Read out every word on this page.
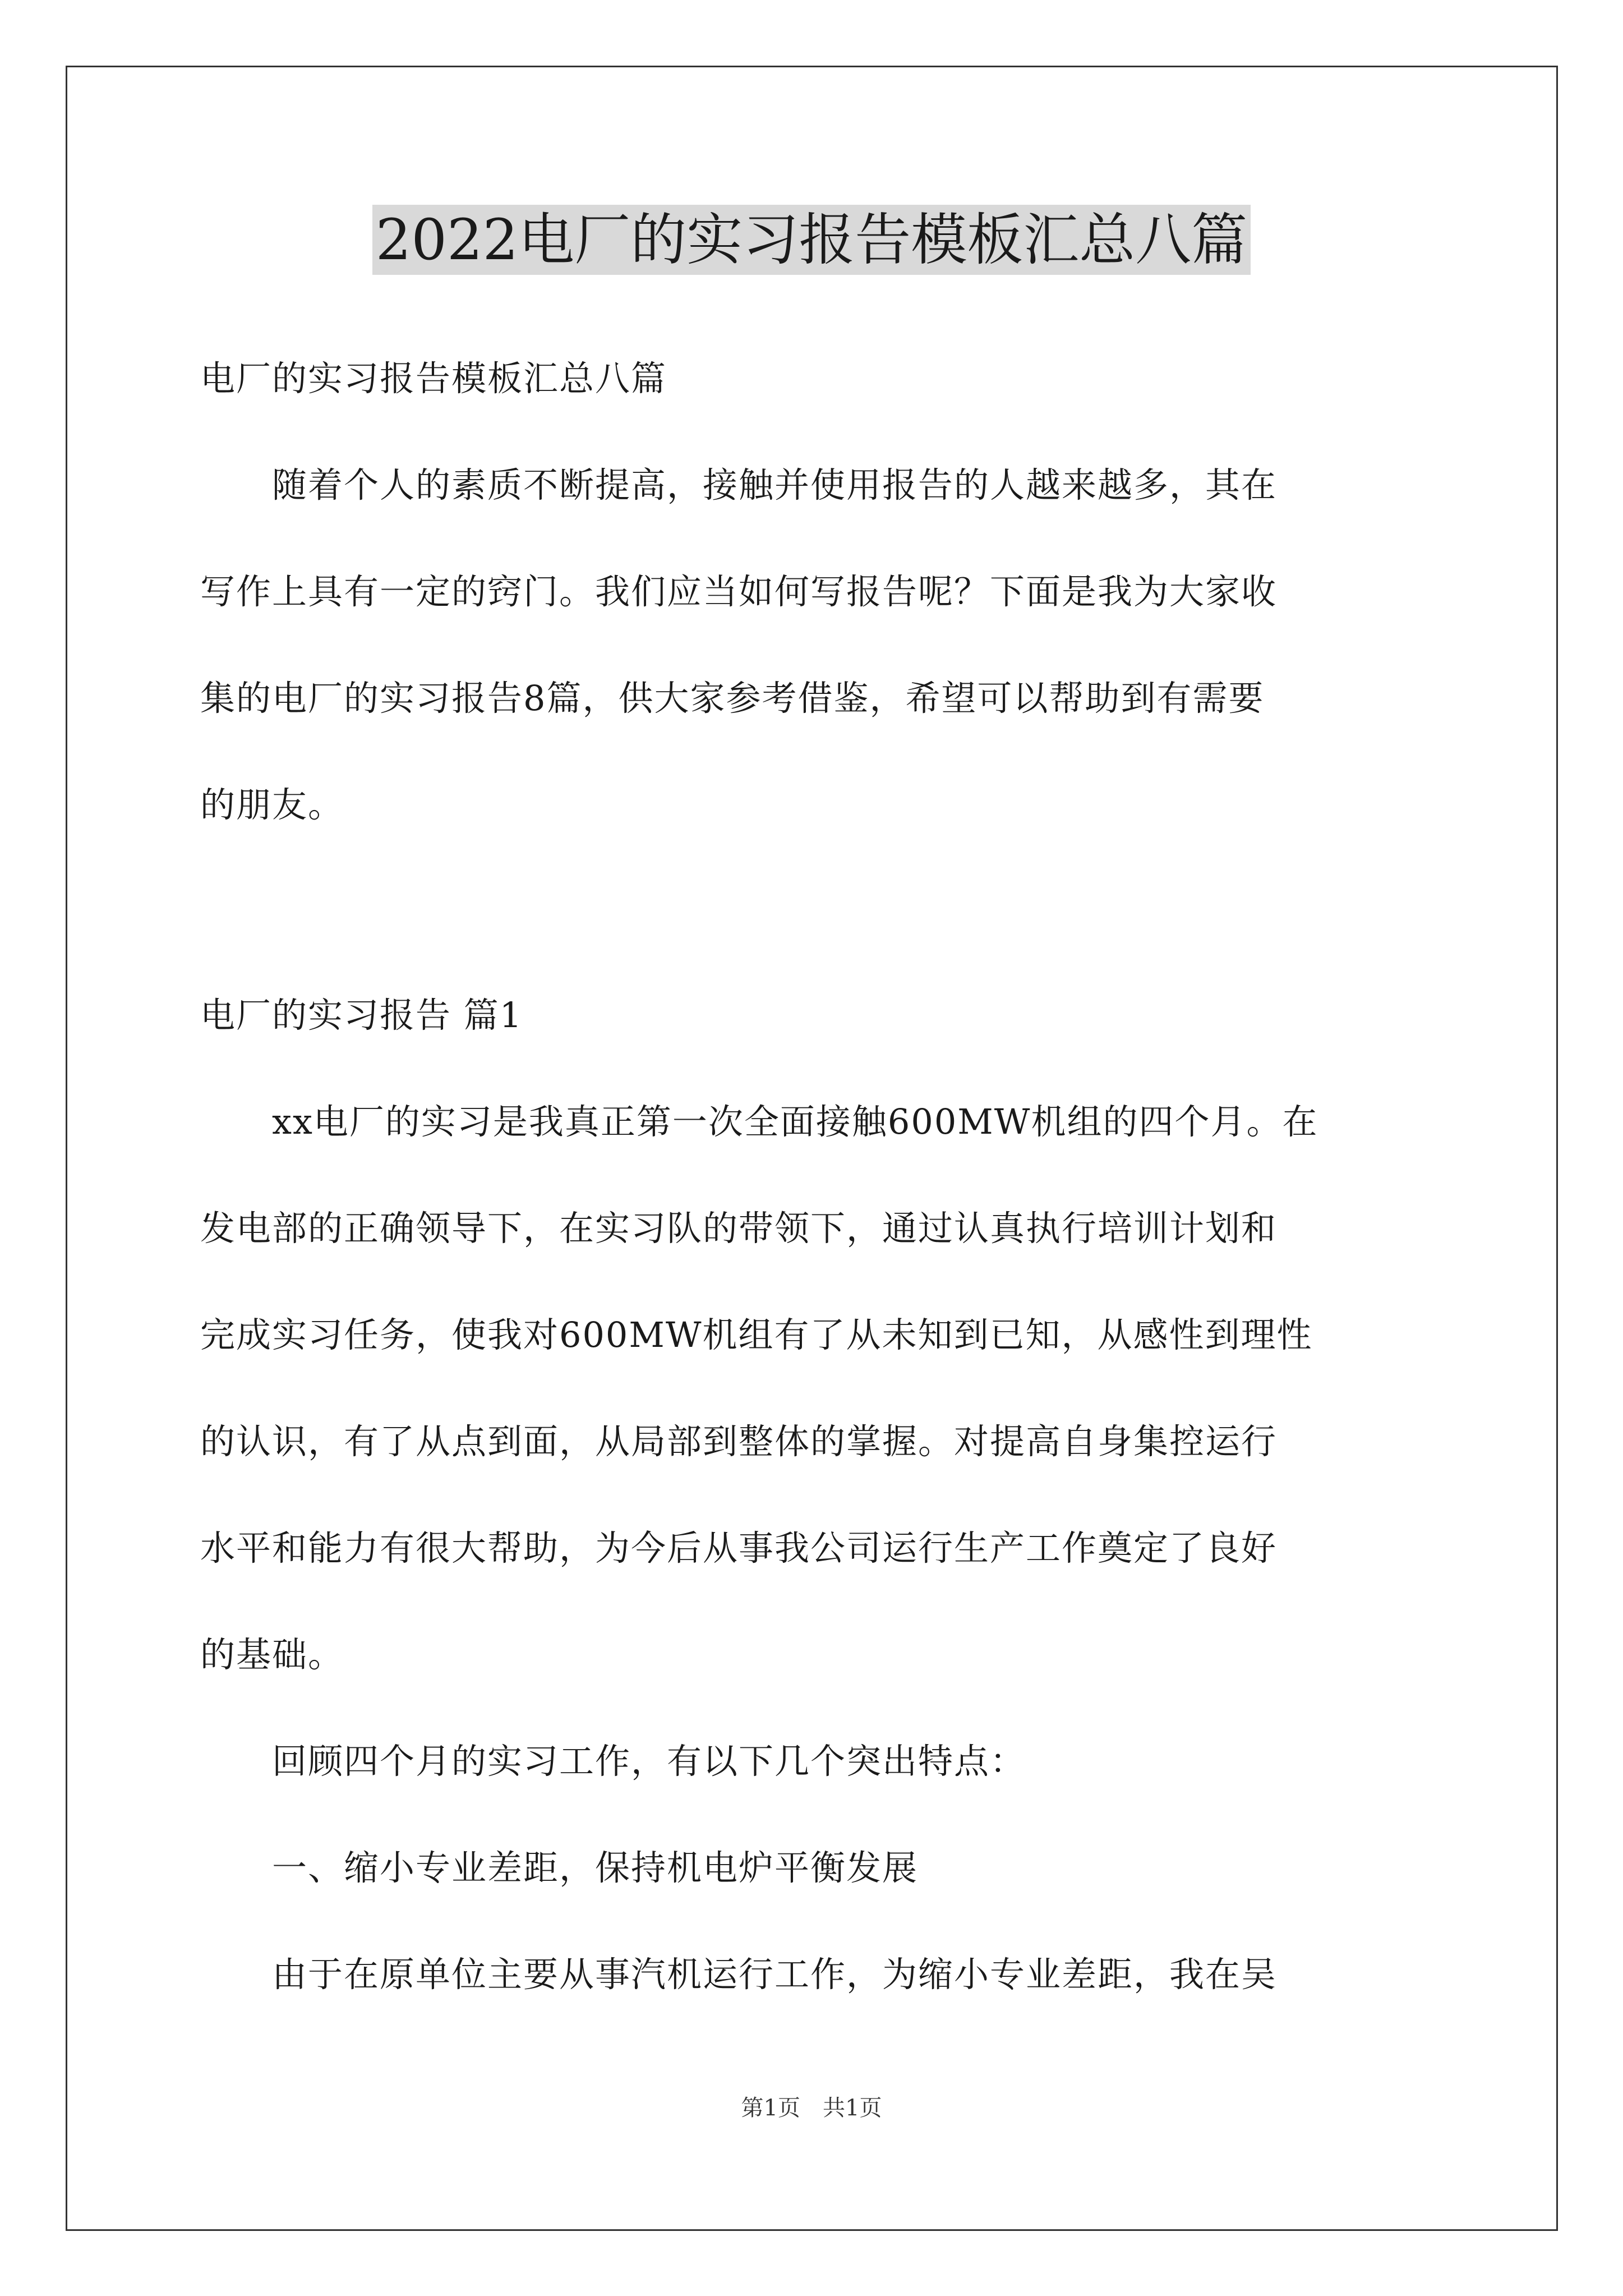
2022电厂的实习报告模板汇总八篇

电厂的实习报告模板汇总八篇

　　随着个人的素质不断提高，接触并使用报告的人越来越多，其在

写作上具有一定的窍门。我们应当如何写报告呢？下面是我为大家收

集的电厂的实习报告8篇，供大家参考借鉴，希望可以帮助到有需要

的朋友。

电厂的实习报告 篇1

　　xx电厂的实习是我真正第一次全面接触600MW机组的四个月。在

发电部的正确领导下，在实习队的带领下，通过认真执行培训计划和

完成实习任务，使我对600MW机组有了从未知到已知，从感性到理性

的认识，有了从点到面，从局部到整体的掌握。对提高自身集控运行

水平和能力有很大帮助，为今后从事我公司运行生产工作奠定了良好

的基础。

　　回顾四个月的实习工作，有以下几个突出特点：

　　一、缩小专业差距，保持机电炉平衡发展

　　由于在原单位主要从事汽机运行工作，为缩小专业差距，我在吴

第1页　共1页
